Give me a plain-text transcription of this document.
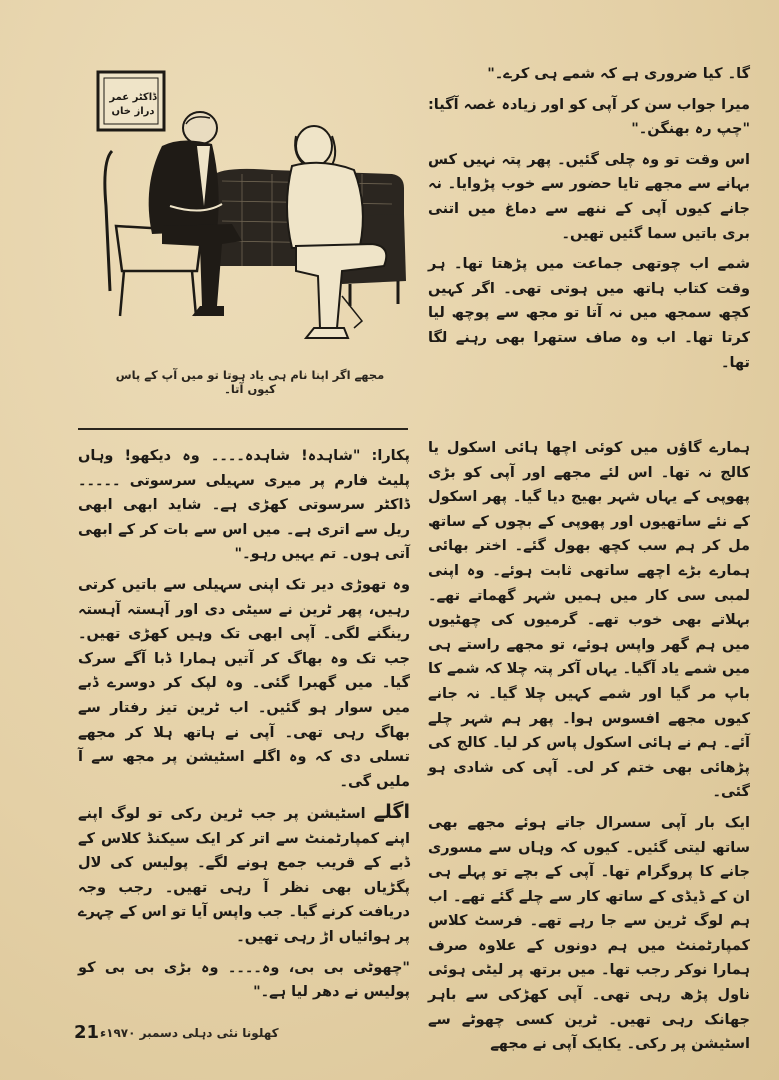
ڈاکٹر عمر دراز خاں
مجھے اگر اپنا نام ہی یاد ہوتا تو میں آپ کے پاس کیوں آتا۔

گا۔ کیا ضروری ہے کہ شمے ہی کرے۔"

میرا جواب سن کر آپی کو اور زیادہ غصہ آگیا: "چپ رہ بھنگن۔"

اس وقت تو وہ چلی گئیں۔ پھر پتہ نہیں کس بہانے سے مجھے تایا حضور سے خوب پڑوایا۔ نہ جانے کیوں آپی کے ننھے سے دماغ میں اتنی بری باتیں سما گئیں تھیں۔

شمے اب چوتھی جماعت میں پڑھتا تھا۔ ہر وقت کتاب ہاتھ میں ہوتی تھی۔ اگر کہیں کچھ سمجھ میں نہ آتا تو مجھ سے پوچھ لیا کرتا تھا۔ اب وہ صاف ستھرا بھی رہنے لگا تھا۔

ہمارے گاؤں میں کوئی اچھا ہائی اسکول یا کالج نہ تھا۔ اس لئے مجھے اور آپی کو بڑی پھوپی کے یہاں شہر بھیج دیا گیا۔ پھر اسکول کے نئے ساتھیوں اور پھوپی کے بچوں کے ساتھ مل کر ہم سب کچھ بھول گئے۔ اختر بھائی ہمارے بڑے اچھے ساتھی ثابت ہوئے۔ وہ اپنی لمبی سی کار میں ہمیں شہر گھماتے تھے۔ بہلاتے بھی خوب تھے۔ گرمیوں کی چھٹیوں میں ہم گھر واپس ہوئے، تو مجھے راستے ہی میں شمے یاد آگیا۔ یہاں آکر پتہ چلا کہ شمے کا باپ مر گیا اور شمے کہیں چلا گیا۔ نہ جانے کیوں مجھے افسوس ہوا۔ پھر ہم شہر چلے آئے۔ ہم نے ہائی اسکول پاس کر لیا۔ کالج کی پڑھائی بھی ختم کر لی۔ آپی کی شادی ہو گئی۔

ایک بار آپی سسرال جاتے ہوئے مجھے بھی ساتھ لیتی گئیں۔ کیوں کہ وہاں سے مسوری جانے کا پروگرام تھا۔ آپی کے بچے تو پہلے ہی ان کے ڈیڈی کے ساتھ کار سے چلے گئے تھے۔ اب ہم لوگ ٹرین سے جا رہے تھے۔ فرسٹ کلاس کمپارٹمنٹ میں ہم دونوں کے علاوہ صرف ہمارا نوکر رجب تھا۔ میں برتھ پر لیٹی ہوئی ناول پڑھ رہی تھی۔ آپی کھڑکی سے باہر جھانک رہی تھیں۔ ٹرین کسی چھوٹے سے اسٹیشن پر رکی۔ یکایک آپی نے مجھے

پکارا: "شاہدہ! شاہدہ۔۔۔۔ وہ دیکھو! وہاں پلیٹ فارم پر میری سہیلی سرسوتی ۔۔۔۔۔ ڈاکٹر سرسوتی کھڑی ہے۔ شاید ابھی ابھی ریل سے اتری ہے۔ میں اس سے بات کر کے ابھی آتی ہوں۔ تم یہیں رہو۔"

وہ تھوڑی دیر تک اپنی سہیلی سے باتیں کرتی رہیں، پھر ٹرین نے سیٹی دی اور آہستہ آہستہ رینگنے لگی۔ آپی ابھی تک وہیں کھڑی تھیں۔ جب تک وہ بھاگ کر آتیں ہمارا ڈبا آگے سرک گیا۔ میں گھبرا گئی۔ وہ لپک کر دوسرے ڈبے میں سوار ہو گئیں۔ اب ٹرین تیز رفتار سے بھاگ رہی تھی۔ آپی نے ہاتھ ہلا کر مجھے تسلی دی کہ وہ اگلے اسٹیشن پر مجھ سے آ ملیں گی۔

اگلے اسٹیشن پر جب ٹرین رکی تو لوگ اپنے اپنے کمپارٹمنٹ سے اتر کر ایک سیکنڈ کلاس کے ڈبے کے قریب جمع ہونے لگے۔ پولیس کی لال پگڑیاں بھی نظر آ رہی تھیں۔ رجب وجہ دریافت کرنے گیا۔ جب واپس آیا تو اس کے چہرے پر ہوائیاں اڑ رہی تھیں۔

"چھوٹی بی بی، وہ۔۔۔۔ وہ بڑی بی بی کو پولیس نے دھر لیا ہے۔"

کھلونا نئی دہلی دسمبر ۱۹۷۰ء
21
